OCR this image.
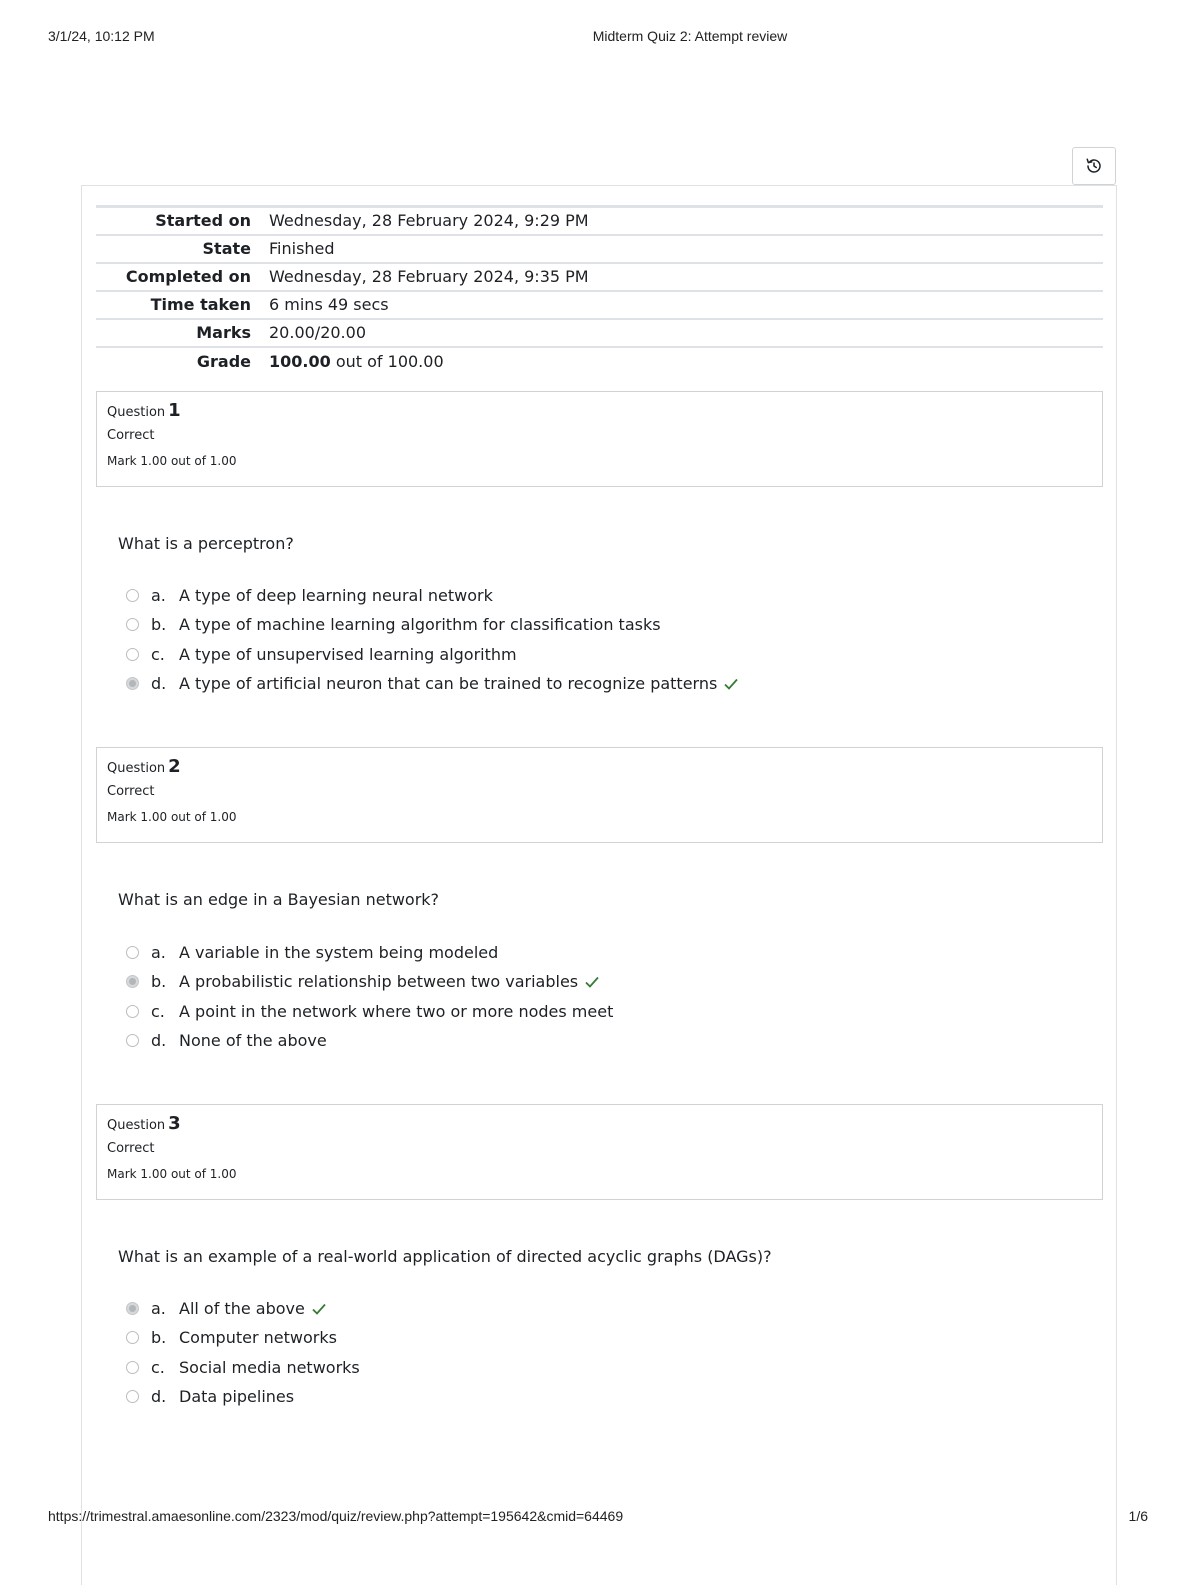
3/1/24, 10:12 PM	Midterm Quiz 2: Attempt review
Started on	Wednesday, 28 February 2024, 9:29 PM
State	Finished
Completed on	Wednesday, 28 February 2024, 9:35 PM
Time taken	6 mins 49 secs
Marks	20.00/20.00
Grade	100.00 out of 100.00
Question 1
Correct
Mark 1.00 out of 1.00
What is a perceptron?
a. A type of deep learning neural network
b. A type of machine learning algorithm for classification tasks
c. A type of unsupervised learning algorithm
d. A type of artificial neuron that can be trained to recognize patterns
Question 2
Correct
Mark 1.00 out of 1.00
What is an edge in a Bayesian network?
a. A variable in the system being modeled
b. A probabilistic relationship between two variables
c. A point in the network where two or more nodes meet
d. None of the above
Question 3
Correct
Mark 1.00 out of 1.00
What is an example of a real-world application of directed acyclic graphs (DAGs)?
a. All of the above
b. Computer networks
c. Social media networks
d. Data pipelines
https://trimestral.amaesonline.com/2323/mod/quiz/review.php?attempt=195642&cmid=64469	1/6
